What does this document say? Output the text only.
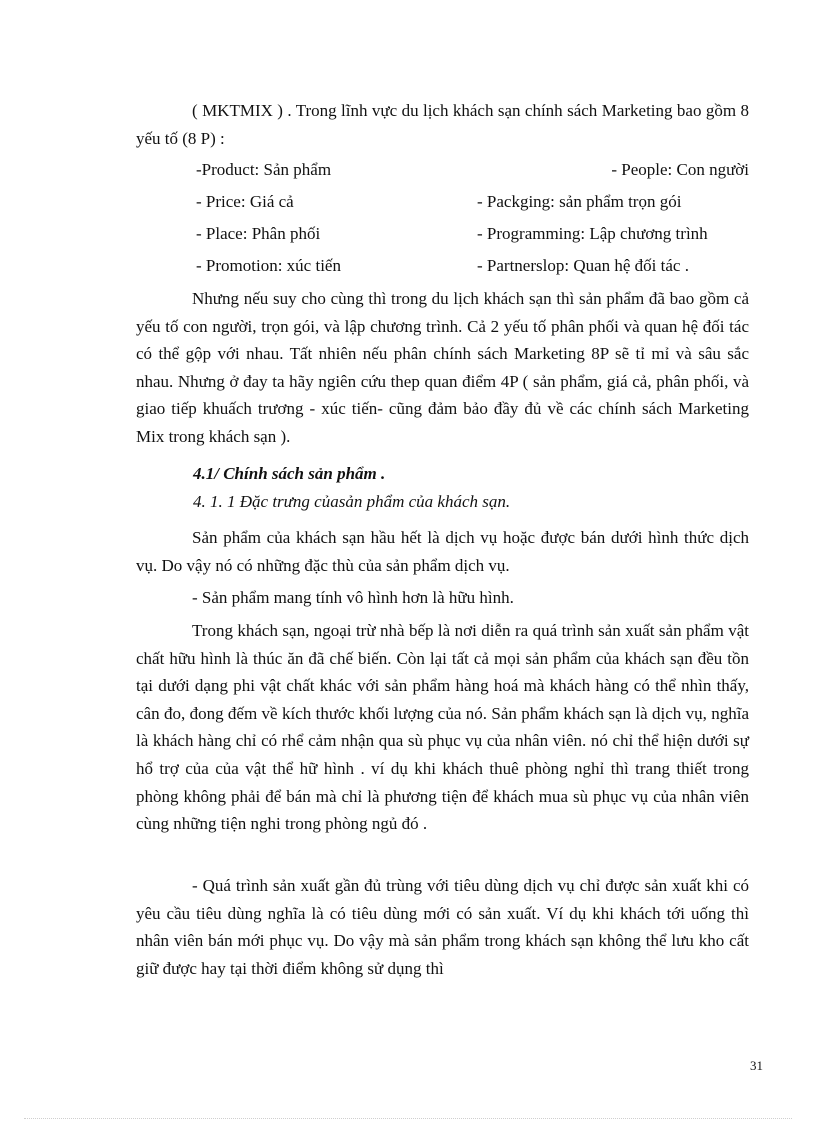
( MKTMIX ) . Trong lĩnh vực du lịch khách sạn chính sách Marketing bao gồm 8 yếu tố (8 P) :

-Product: Sản phẩm	- People: Con người
- Price: Giá cả	- Packging: sản phẩm trọn gói
- Place: Phân phối	- Programming: Lập chương trình
- Promotion: xúc tiến	- Partnerslop: Quan hệ đối tác .

Nhưng nếu suy cho cùng thì trong du lịch khách sạn thì sản phẩm đã bao gồm cả yếu tố con người, trọn gói, và lập chương trình. Cả 2 yếu tố phân phối và quan hệ đối tác có thể gộp với nhau. Tất nhiên nếu phân chính sách Marketing 8P sẽ tỉ mỉ và sâu sắc nhau. Nhưng ở đay ta hãy ngiên cứu thep quan điểm 4P ( sản phẩm, giá cả, phân phối, và giao tiếp khuấch trương - xúc tiến- cũng đảm bảo đầy đủ về các chính sách Marketing Mix trong khách sạn ).

4.1/ Chính sách sản phẩm .
4. 1. 1 Đặc trưng củasản phẩm của khách sạn.

Sản phẩm của khách sạn hầu hết là dịch vụ hoặc được bán dưới hình thức dịch vụ. Do vậy nó có những đặc thù của sản phẩm dịch vụ.

- Sản phẩm mang tính vô hình hơn là hữu hình.

Trong khách sạn, ngoại trừ nhà bếp là nơi diễn ra quá trình sản xuất sản phẩm vật chất hữu hình là thúc ăn đã chế biến. Còn lại tất cả mọi sản phẩm của khách sạn đều tồn tại dưới dạng phi vật chất khác với sản phẩm hàng hoá mà khách hàng có thể nhìn thấy, cân đo, đong đếm về kích thước khối lượng của nó. Sản phẩm khách sạn là dịch vụ, nghĩa là khách hàng chỉ có rhể cảm nhận qua sù phục vụ của nhân viên. nó chỉ thể hiện dưới sự hổ trợ của của vật thể hữ hình . ví dụ khi khách thuê phòng nghỉ thì trang thiết trong phòng không phải để bán mà chỉ là phương tiện để khách mua sù phục vụ của nhân viên cùng những tiện nghi trong phòng ngủ đó .

- Quá trình sản xuất gần đủ trùng với tiêu dùng dịch vụ chỉ được sản xuất khi có yêu cầu tiêu dùng nghĩa là có tiêu dùng mới có sản xuất. Ví dụ khi khách tới uống thì nhân viên bán mới phục vụ. Do vậy mà sản phẩm trong khách sạn không thể lưu kho cất giữ được hay tại thời điểm không sử dụng thì

31
